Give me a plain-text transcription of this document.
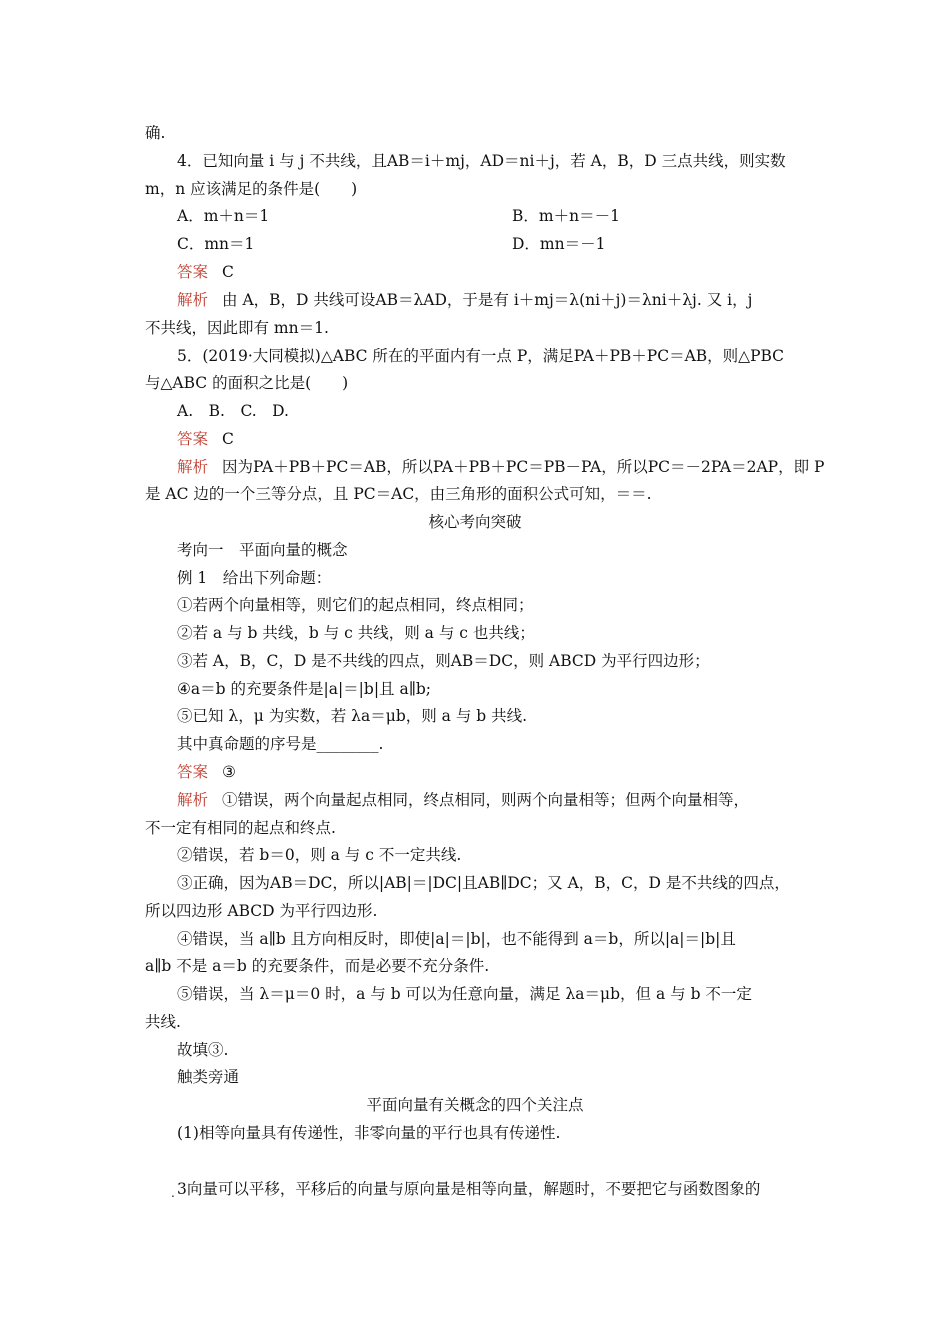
.
确.
4．已知向量 i 与 j 不共线，且AB＝i＋mj，AD＝ni＋j，若 A，B，D 三点共线，则实数
m，n 应该满足的条件是(　　)
A．m＋n＝1	B．m＋n＝－1
C．mn＝1	D．mn＝－1
答案 C
解析 由 A，B，D 共线可设AB＝λAD，于是有 i＋mj＝λ(ni＋j)＝λni＋λj. 又 i，j
不共线，因此即有 mn＝1.
5．(2019·大同模拟)△ABC 所在的平面内有一点 P，满足PA＋PB＋PC＝AB，则△PBC
与△ABC 的面积之比是(　　)
A.　B.　C.　D.
答案 C
解析 因为PA＋PB＋PC＝AB，所以PA＋PB＋PC＝PB－PA，所以PC＝－2PA＝2AP，即 P
是 AC 边的一个三等分点，且 PC＝AC，由三角形的面积公式可知，＝＝.
核心考向突破
考向一　平面向量的概念
例 1　给出下列命题：
①若两个向量相等，则它们的起点相同，终点相同；
②若 a 与 b 共线，b 与 c 共线，则 a 与 c 也共线；
③若 A，B，C，D 是不共线的四点，则AB＝DC，则 ABCD 为平行四边形；
④a＝b 的充要条件是|a|＝|b|且 a∥b;
⑤已知 λ，μ 为实数，若 λa＝μb，则 a 与 b 共线.
其中真命题的序号是________.
答案 ③
解析 ①错误，两个向量起点相同，终点相同，则两个向量相等；但两个向量相等，
不一定有相同的起点和终点.
②错误，若 b＝0，则 a 与 c 不一定共线.
③正确，因为AB＝DC，所以|AB|＝|DC|且AB∥DC；又 A，B，C，D 是不共线的四点，
所以四边形 ABCD 为平行四边形.
④错误，当 a∥b 且方向相反时，即使|a|＝|b|，也不能得到 a＝b，所以|a|＝|b|且
a∥b 不是 a＝b 的充要条件，而是必要不充分条件.
⑤错误，当 λ＝μ＝0 时，a 与 b 可以为任意向量，满足 λa＝μb，但 a 与 b 不一定
共线.
故填③.
触类旁通
平面向量有关概念的四个关注点
(1)相等向量具有传递性，非零向量的平行也具有传递性.
3向量可以平移，平移后的向量与原向量是相等向量，解题时，不要把它与函数图象的
